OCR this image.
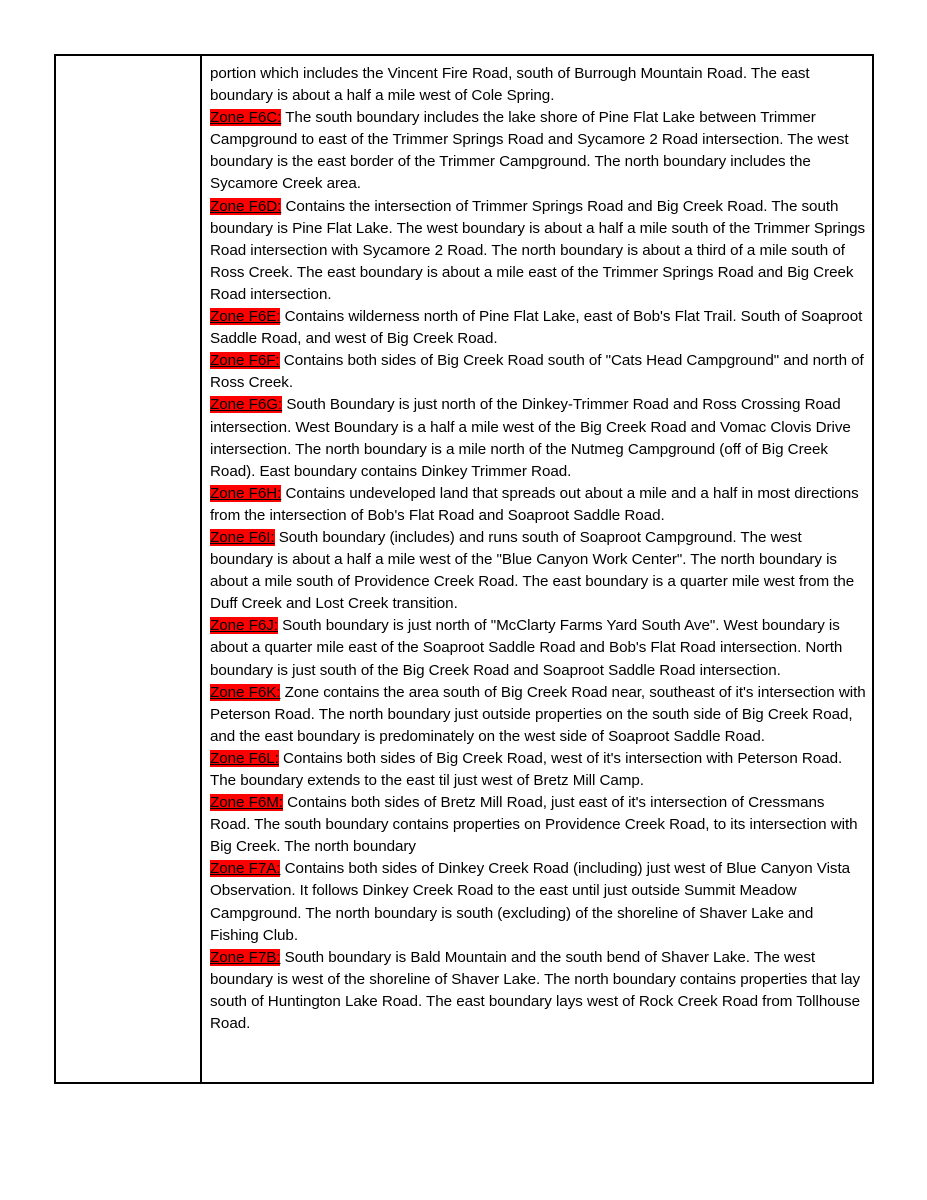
portion which includes the Vincent Fire Road, south of Burrough Mountain Road. The east boundary is about a half a mile west of Cole Spring.

Zone F6C: The south boundary includes the lake shore of Pine Flat Lake between Trimmer Campground to east of the Trimmer Springs Road and Sycamore 2 Road intersection. The west boundary is the east border of the Trimmer Campground. The north boundary includes the Sycamore Creek area.

Zone F6D: Contains the intersection of Trimmer Springs Road and Big Creek Road. The south boundary is Pine Flat Lake. The west boundary is about a half a mile south of the Trimmer Springs Road intersection with Sycamore 2 Road. The north boundary is about a third of a mile south of Ross Creek. The east boundary is about a mile east of the Trimmer Springs Road and Big Creek Road intersection.

Zone F6E: Contains wilderness north of Pine Flat Lake, east of Bob's Flat Trail. South of Soaproot Saddle Road, and west of Big Creek Road.

Zone F6F: Contains both sides of Big Creek Road south of "Cats Head Campground" and north of Ross Creek.

Zone F6G: South Boundary is just north of the Dinkey-Trimmer Road and Ross Crossing Road intersection. West Boundary is a half a mile west of the Big Creek Road and Vomac Clovis Drive intersection. The north boundary is a mile north of the Nutmeg Campground (off of Big Creek Road). East boundary contains Dinkey Trimmer Road.

Zone F6H: Contains undeveloped land that spreads out about a mile and a half in most directions from the intersection of Bob's Flat Road and Soaproot Saddle Road.

Zone F6I: South boundary (includes) and runs south of Soaproot Campground. The west boundary is about a half a mile west of the "Blue Canyon Work Center". The north boundary is about a mile south of Providence Creek Road. The east boundary is a quarter mile west from the Duff Creek and Lost Creek transition.

Zone F6J: South boundary is just north of "McClarty Farms Yard South Ave". West boundary is about a quarter mile east of the Soaproot Saddle Road and Bob's Flat Road intersection. North boundary is just south of the Big Creek Road and Soaproot Saddle Road intersection.

Zone F6K: Zone contains the area south of Big Creek Road near, southeast of it's intersection with Peterson Road. The north boundary just outside properties on the south side of Big Creek Road, and the east boundary is predominately on the west side of Soaproot Saddle Road.

Zone F6L: Contains both sides of Big Creek Road, west of it's intersection with Peterson Road. The boundary extends to the east til just west of Bretz Mill Camp.

Zone F6M: Contains both sides of Bretz Mill Road, just east of it's intersection of Cressmans Road. The south boundary contains properties on Providence Creek Road, to its intersection with Big Creek. The north boundary

Zone F7A: Contains both sides of Dinkey Creek Road (including) just west of Blue Canyon Vista Observation. It follows Dinkey Creek Road to the east until just outside Summit Meadow Campground. The north boundary is south (excluding) of the shoreline of Shaver Lake and Fishing Club.

Zone F7B: South boundary is Bald Mountain and the south bend of Shaver Lake. The west boundary is west of the shoreline of Shaver Lake. The north boundary contains properties that lay south of Huntington Lake Road. The east boundary lays west of Rock Creek Road from Tollhouse Road.
